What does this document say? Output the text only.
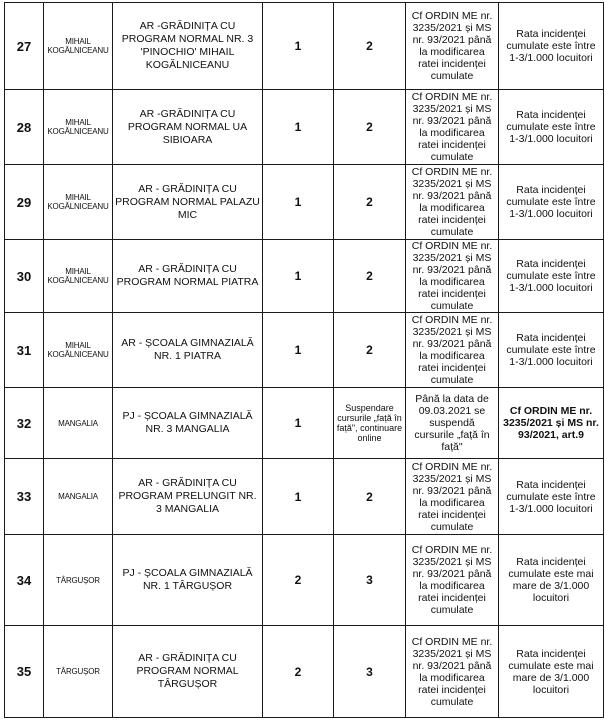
27	MIHAIL KOGĂLNICEANU	AR -GRĂDINIȚA CU PROGRAM NORMAL NR. 3 'PINOCHIO' MIHAIL KOGĂLNICEANU	1	2	Cf ORDIN ME nr. 3235/2021 și MS nr. 93/2021 până la modificarea ratei incidenței cumulate	Rata incidenței cumulate este între 1-3/1.000 locuitori
28	MIHAIL KOGĂLNICEANU	AR -GRĂDINIȚA CU PROGRAM NORMAL UA SIBIOARA	1	2	Cf ORDIN ME nr. 3235/2021 și MS nr. 93/2021 până la modificarea ratei incidenței cumulate	Rata incidenței cumulate este între 1-3/1.000 locuitori
29	MIHAIL KOGĂLNICEANU	AR - GRĂDINIȚA CU PROGRAM NORMAL PALAZU MIC	1	2	Cf ORDIN ME nr. 3235/2021 și MS nr. 93/2021 până la modificarea ratei incidenței cumulate	Rata incidenței cumulate este între 1-3/1.000 locuitori
30	MIHAIL KOGĂLNICEANU	AR - GRĂDINIȚA CU PROGRAM NORMAL PIATRA	1	2	Cf ORDIN ME nr. 3235/2021 și MS nr. 93/2021 până la modificarea ratei incidenței cumulate	Rata incidenței cumulate este între 1-3/1.000 locuitori
31	MIHAIL KOGĂLNICEANU	AR - ȘCOALA GIMNAZIALĂ NR. 1 PIATRA	1	2	Cf ORDIN ME nr. 3235/2021 și MS nr. 93/2021 până la modificarea ratei incidenței cumulate	Rata incidenței cumulate este între 1-3/1.000 locuitori
32	MANGALIA	PJ - ȘCOALA GIMNAZIALĂ NR. 3 MANGALIA	1	Suspendare cursurile „față în față", continuare online	Până la data de 09.03.2021 se suspendă cursurile „față în față"	Cf ORDIN ME nr. 3235/2021 și MS nr. 93/2021, art.9
33	MANGALIA	AR - GRĂDINIȚA CU PROGRAM PRELUNGIT NR. 3 MANGALIA	1	2	Cf ORDIN ME nr. 3235/2021 și MS nr. 93/2021 până la modificarea ratei incidenței cumulate	Rata incidenței cumulate este între 1-3/1.000 locuitori
34	TÂRGUȘOR	PJ - ȘCOALA GIMNAZIALĂ NR. 1 TÂRGUȘOR	2	3	Cf ORDIN ME nr. 3235/2021 și MS nr. 93/2021 până la modificarea ratei incidenței cumulate	Rata incidenței cumulate este mai mare de 3/1.000 locuitori
35	TÂRGUȘOR	AR - GRĂDINIȚA CU PROGRAM NORMAL TÂRGUȘOR	2	3	Cf ORDIN ME nr. 3235/2021 și MS nr. 93/2021 până la modificarea ratei incidenței cumulate	Rata incidenței cumulate este mai mare de 3/1.000 locuitori
